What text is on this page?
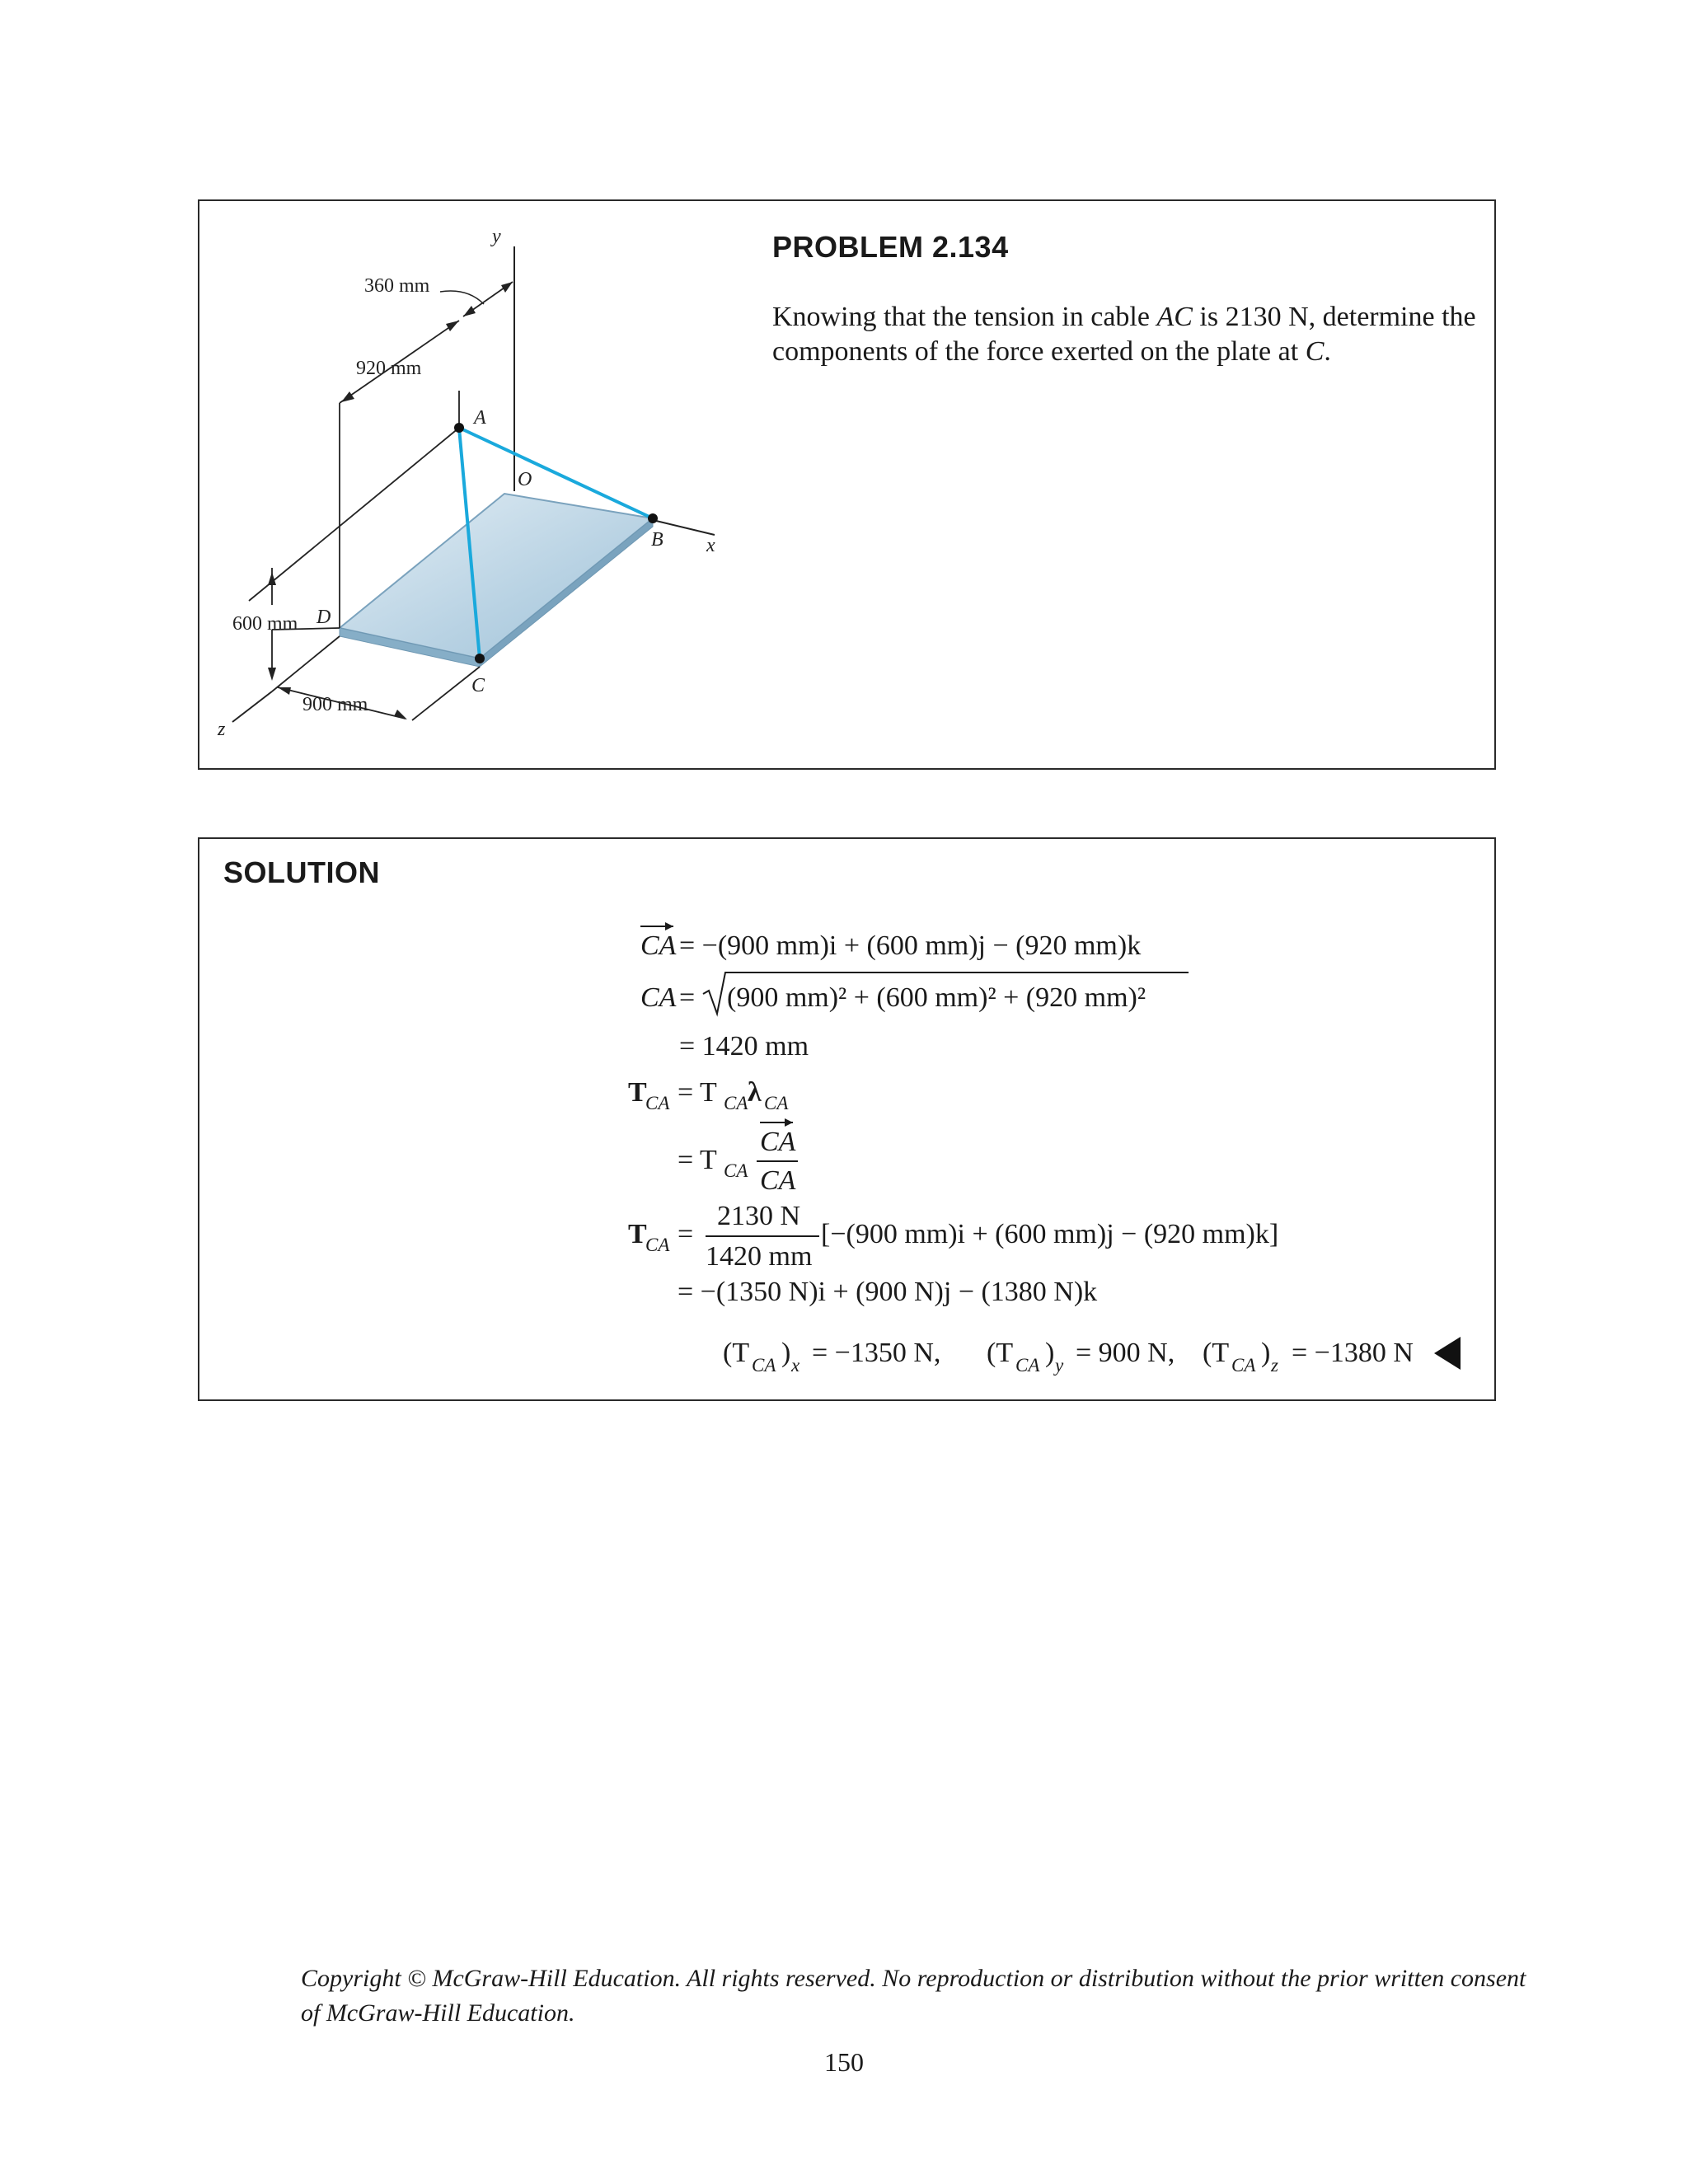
PROBLEM 2.134
Knowing that the tension in cable AC is 2130 N, determine the components of the force exerted on the plate at C.
600 mm
900 mm
920 mm
360 mm
y
x
z
A
B
C
D
O
SOLUTION
CA = −(900 mm)i + (600 mm)j − (920 mm)k
CA = (900 mm)² + (600 mm)² + (920 mm)²
= 1420 mm
T
CA = T CA λ CA
= T CA
CA
CA
T
CA =
2130 N
1420 mm
[−(900 mm)i + (600 mm)j − (920 mm)k]
= −(1350 N)i + (900 N)j − (1380 N)k
(T CA ) x = −1350 N, (T CA ) y = 900 N, (T CA ) z = −1380 N
Copyright © McGraw-Hill Education. All rights reserved. No reproduction or distribution without the prior written consent of McGraw-Hill Education.
150
